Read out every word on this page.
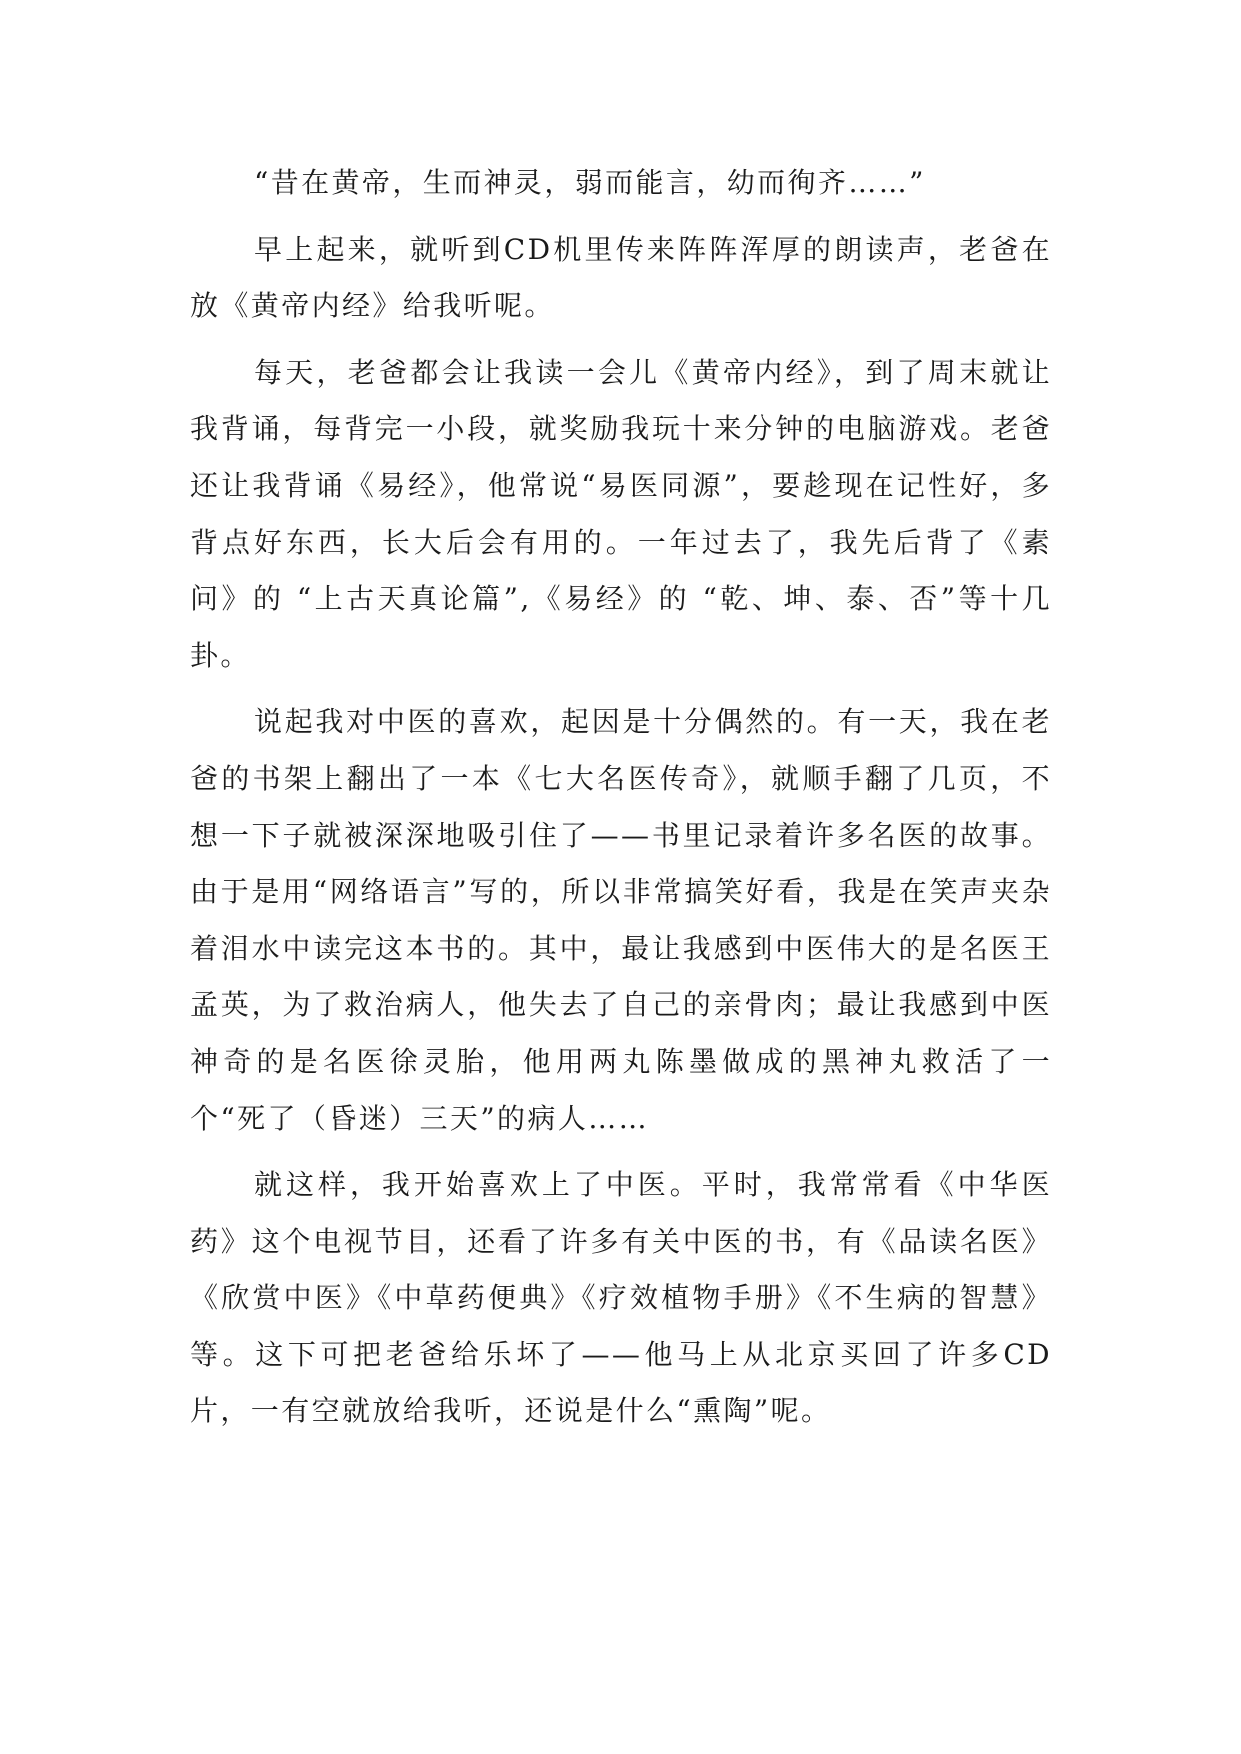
“昔在黄帝，生而神灵，弱而能言，幼而徇齐……”

早上起来，就听到CD机里传来阵阵浑厚的朗读声，老爸在放《黄帝内经》给我听呢。

每天，老爸都会让我读一会儿《黄帝内经》，到了周末就让我背诵，每背完一小段，就奖励我玩十来分钟的电脑游戏。老爸还让我背诵《易经》，他常说“易医同源”，要趁现在记性好，多背点好东西，长大后会有用的。一年过去了，我先后背了《素问》的 “上古天真论篇”,《易经》的 “乾、坤、泰、否”等十几卦。

说起我对中医的喜欢，起因是十分偶然的。有一天，我在老爸的书架上翻出了一本《七大名医传奇》，就顺手翻了几页，不想一下子就被深深地吸引住了——书里记录着许多名医的故事。由于是用“网络语言”写的，所以非常搞笑好看，我是在笑声夹杂着泪水中读完这本书的。其中，最让我感到中医伟大的是名医王孟英，为了救治病人，他失去了自己的亲骨肉；最让我感到中医神奇的是名医徐灵胎，他用两丸陈墨做成的黑神丸救活了一个“死了（昏迷）三天”的病人……

就这样，我开始喜欢上了中医。平时，我常常看《中华医药》这个电视节目，还看了许多有关中医的书，有《品读名医》《欣赏中医》《中草药便典》《疗效植物手册》《不生病的智慧》等。这下可把老爸给乐坏了——他马上从北京买回了许多CD片，一有空就放给我听，还说是什么“熏陶”呢。
